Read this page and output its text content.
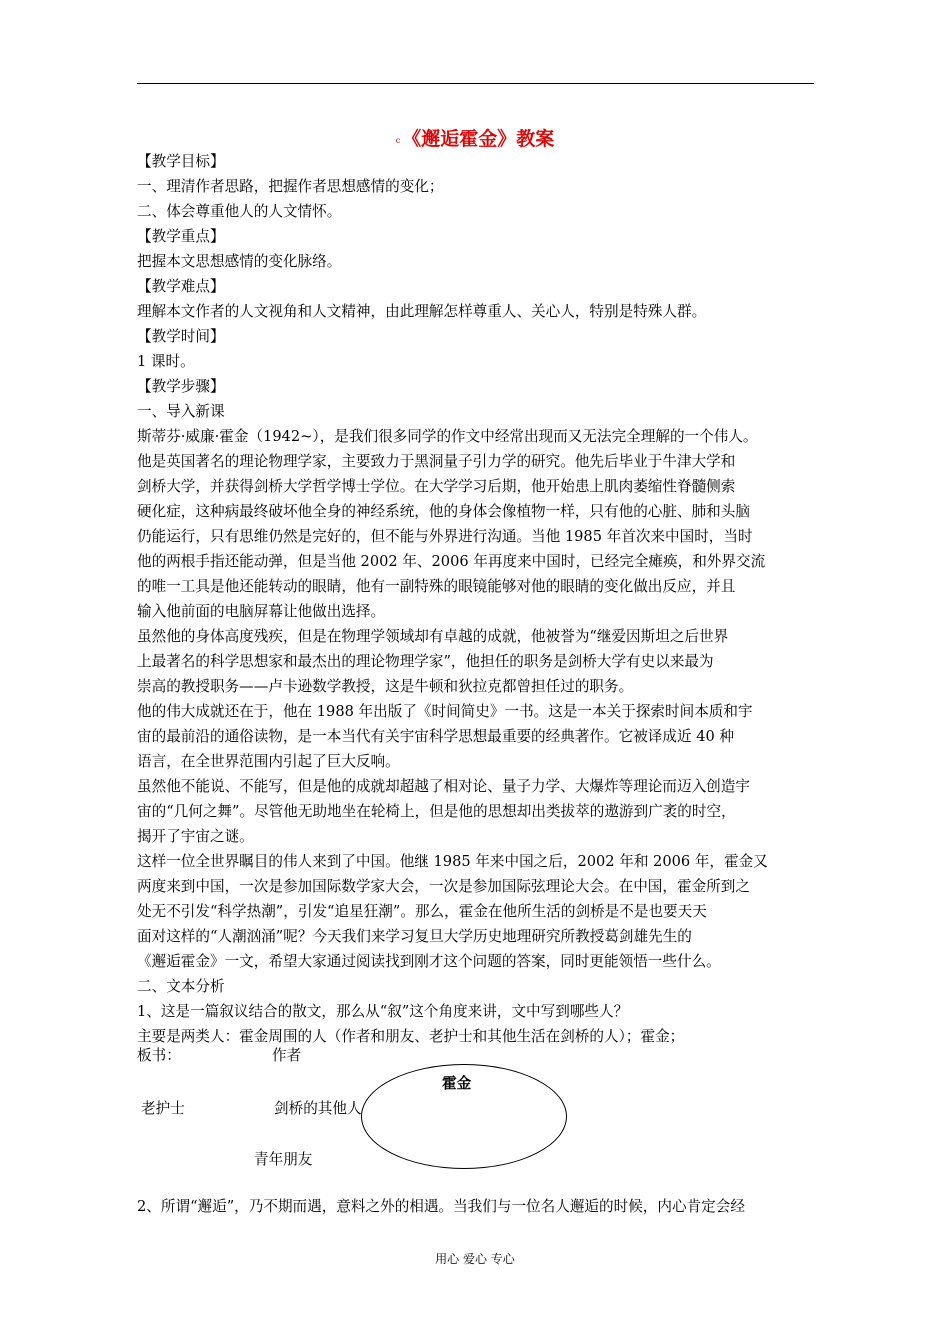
c 《邂逅霍金》教案

【教学目标】

一、理清作者思路，把握作者思想感情的变化；

二、体会尊重他人的人文情怀。

【教学重点】

把握本文思想感情的变化脉络。

【教学难点】

理解本文作者的人文视角和人文精神，由此理解怎样尊重人、关心人，特别是特殊人群。

【教学时间】

1 课时。

【教学步骤】

一、导入新课

斯蒂芬·威廉·霍金（1942~），是我们很多同学的作文中经常出现而又无法完全理解的一个伟人。

他是英国著名的理论物理学家，主要致力于黑洞量子引力学的研究。他先后毕业于牛津大学和

剑桥大学，并获得剑桥大学哲学博士学位。在大学学习后期，他开始患上肌肉萎缩性脊髓侧索

硬化症，这种病最终破坏他全身的神经系统，他的身体会像植物一样，只有他的心脏、肺和头脑

仍能运行，只有思维仍然是完好的，但不能与外界进行沟通。当他 1985 年首次来中国时，当时

他的两根手指还能动弹，但是当他 2002 年、2006 年再度来中国时，已经完全瘫痪，和外界交流

的唯一工具是他还能转动的眼睛，他有一副特殊的眼镜能够对他的眼睛的变化做出反应，并且

输入他前面的电脑屏幕让他做出选择。

虽然他的身体高度残疾，但是在物理学领域却有卓越的成就，他被誉为“继爱因斯坦之后世界

上最著名的科学思想家和最杰出的理论物理学家”，他担任的职务是剑桥大学有史以来最为

崇高的教授职务——卢卡逊数学教授，这是牛顿和狄拉克都曾担任过的职务。

他的伟大成就还在于，他在 1988 年出版了《时间简史》一书。这是一本关于探索时间本质和宇

宙的最前沿的通俗读物，是一本当代有关宇宙科学思想最重要的经典著作。它被译成近 40 种

语言，在全世界范围内引起了巨大反响。

虽然他不能说、不能写，但是他的成就却超越了相对论、量子力学、大爆炸等理论而迈入创造宇

宙的“几何之舞”。尽管他无助地坐在轮椅上，但是他的思想却出类拔萃的遨游到广袤的时空，

揭开了宇宙之谜。

这样一位全世界瞩目的伟人来到了中国。他继 1985 年来中国之后，2002 年和 2006 年，霍金又

两度来到中国，一次是参加国际数学家大会，一次是参加国际弦理论大会。在中国，霍金所到之

处无不引发“科学热潮”，引发“追星狂潮”。那么，霍金在他所生活的剑桥是不是也要天天

面对这样的“人潮汹涌”呢？今天我们来学习复旦大学历史地理研究所教授葛剑雄先生的

《邂逅霍金》一文，希望大家通过阅读找到刚才这个问题的答案，同时更能领悟一些什么。

二、文本分析

1、这是一篇叙议结合的散文，那么从“叙”这个角度来讲，文中写到哪些人？

主要是两类人：霍金周围的人（作者和朋友、老护士和其他生活在剑桥的人）；霍金；

板书：	作者
霍金
老护士	剑桥的其他人
青年朋友
2、所谓“邂逅”，乃不期而遇，意料之外的相遇。当我们与一位名人邂逅的时候，内心肯定会经
用心 爱心 专心
